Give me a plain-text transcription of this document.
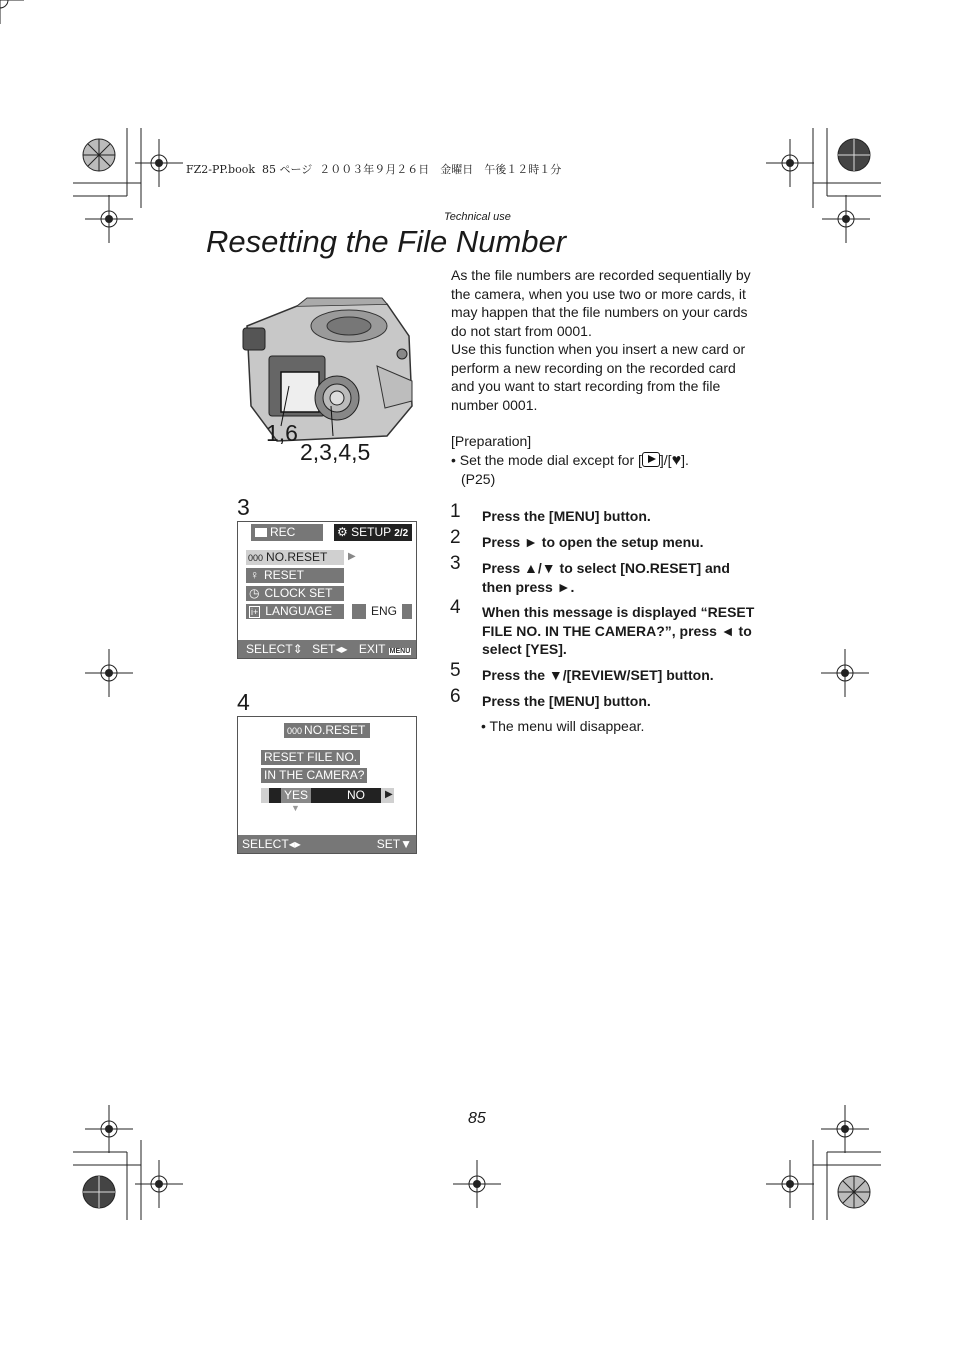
FZ2-PP.book  85 ページ  ２００３年９月２６日　金曜日　午後１２時１分
Technical use
Resetting the File Number
1,6
2,3,4,5
3
REC	⚙ SETUP 2/2
000 NO.RESET	▶
♀ RESET
◷ CLOCK SET
i+ LANGUAGE	ENG
SELECT⇕ SET◂▸ EXIT MENU
4
000 NO.RESET
RESET FILE NO.
IN THE CAMERA?
YES	NO	▶
▼
SELECT◂▸	SET▼

As the file numbers are recorded sequentially by the camera, when you use two or more cards, it may happen that the file numbers on your cards do not start from 0001.

Use this function when you insert a new card or perform a new recording on the recorded card and you want to start recording from the file number 0001.

[Preparation]
• Set the mode dial except for [ ]/[♥].
(P25)
1 Press the [MENU] button.
2 Press ► to open the setup menu.
3 Press ▲/▼ to select [NO.RESET] and then press ►.
4 When this message is displayed “RESET FILE NO. IN THE CAMERA?”, press ◄ to select [YES].
5 Press the ▼/[REVIEW/SET] button.
6 Press the [MENU] button.
• The menu will disappear.
85
